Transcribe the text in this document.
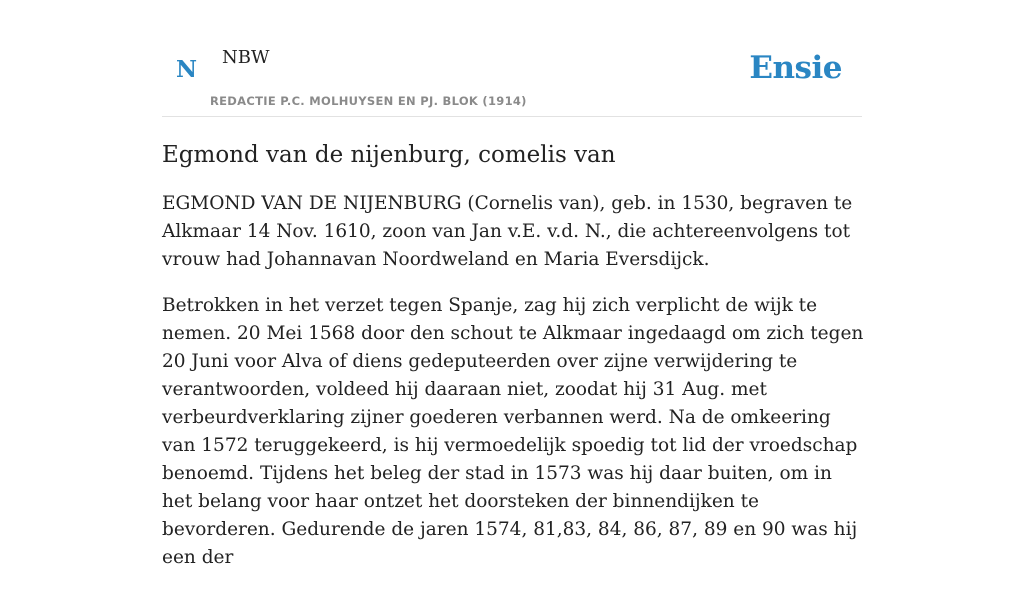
N NBW
REDACTIE P.C. MOLHUYSEN EN PJ. BLOK (1914)
Ensie
Egmond van de nijenburg, comelis van

EGMOND VAN DE NIJENBURG (Cornelis van), geb. in 1530, begraven te Alkmaar 14 Nov. 1610, zoon van Jan v.E. v.d. N., die achtereenvolgens tot vrouw had Johannavan Noordweland en Maria Eversdijck.

Betrokken in het verzet tegen Spanje, zag hij zich verplicht de wijk te nemen. 20 Mei 1568 door den schout te Alkmaar ingedaagd om zich tegen 20 Juni voor Alva of diens gedeputeerden over zijne verwijdering te verantwoorden, voldeed hij daaraan niet, zoodat hij 31 Aug. met verbeurdverklaring zijner goederen verbannen werd. Na de omkeering van 1572 teruggekeerd, is hij vermoedelijk spoedig tot lid der vroedschap benoemd. Tijdens het beleg der stad in 1573 was hij daar buiten, om in het belang voor haar ontzet het doorsteken der binnendijken te bevorderen. Gedurende de jaren 1574, 81,83, 84, 86, 87, 89 en 90 was hij een der
